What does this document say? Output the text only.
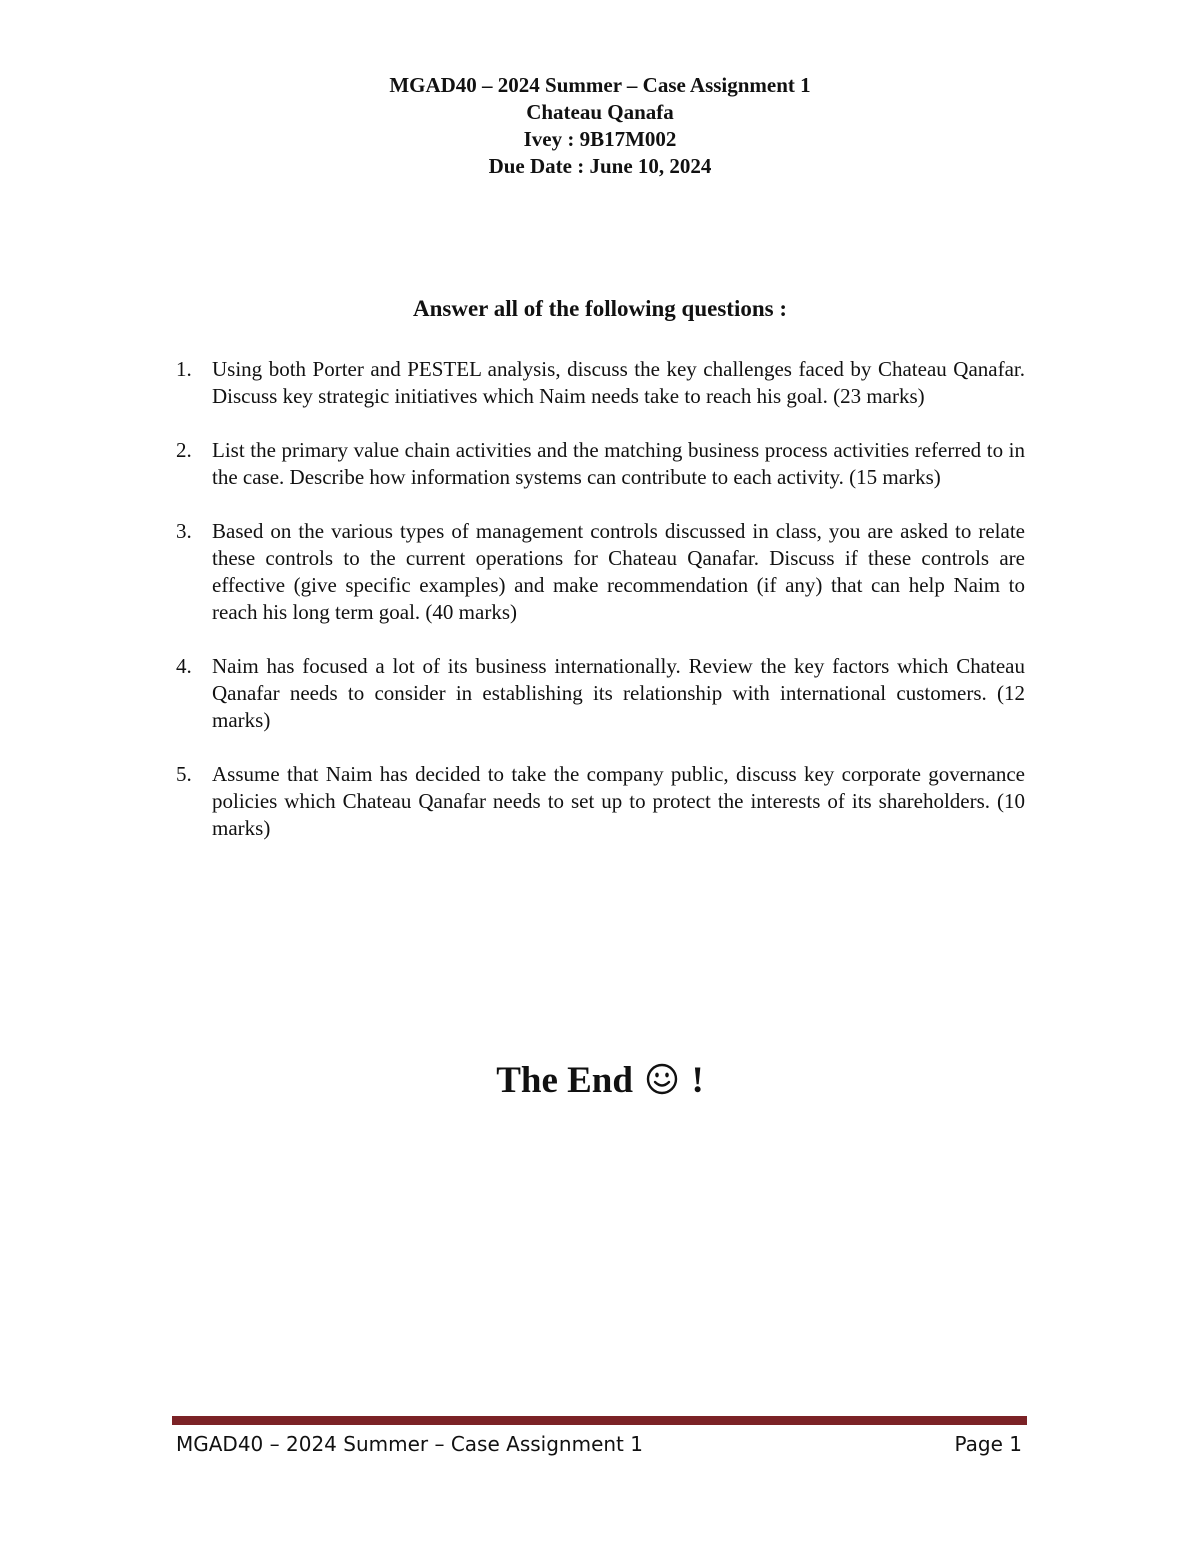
MGAD40 – 2024 Summer – Case Assignment 1
Chateau Qanafa
Ivey : 9B17M002
Due Date : June 10, 2024
Answer all of the following questions :
1. Using both Porter and PESTEL analysis, discuss the key challenges faced by Chateau Qanafar. Discuss key strategic initiatives which Naim needs take to reach his goal. (23 marks)
2. List the primary value chain activities and the matching business process activities referred to in the case. Describe how information systems can contribute to each activity. (15 marks)
3. Based on the various types of management controls discussed in class, you are asked to relate these controls to the current operations for Chateau Qanafar. Discuss if these controls are effective (give specific examples) and make recommendation (if any) that can help Naim to reach his long term goal. (40 marks)
4. Naim has focused a lot of its business internationally. Review the key factors which Chateau Qanafar needs to consider in establishing its relationship with international customers. (12 marks)
5. Assume that Naim has decided to take the company public, discuss key corporate governance policies which Chateau Qanafar needs to set up to protect the interests of its shareholders. (10 marks)
The End !
MGAD40 – 2024 Summer – Case Assignment 1	Page 1
